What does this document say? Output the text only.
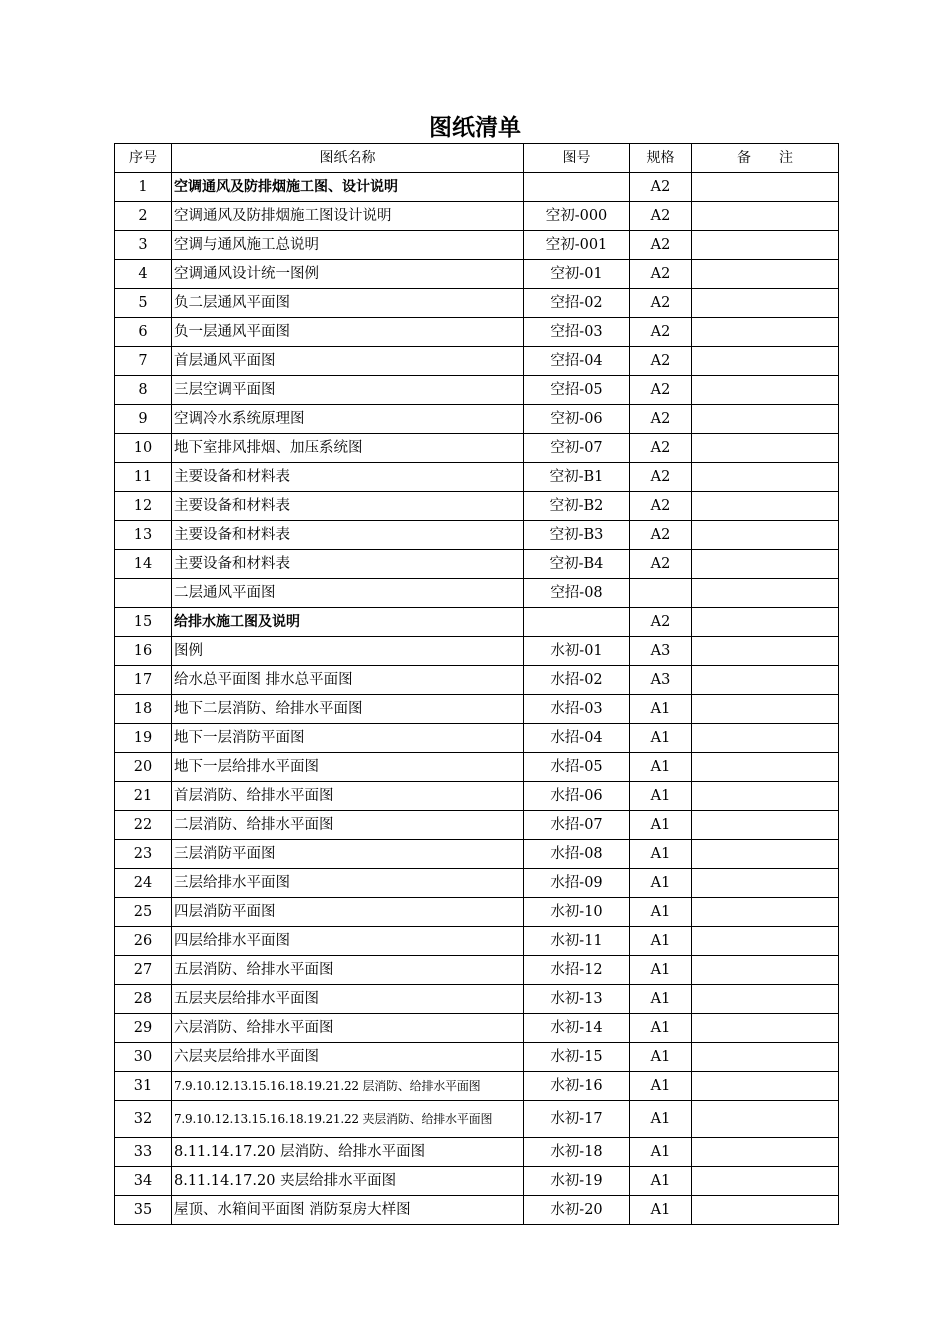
图纸清单
序号	图纸名称	图号	规格	备　　注
1	空调通风及防排烟施工图、设计说明		A2	
2	空调通风及防排烟施工图设计说明	空初-000	A2	
3	空调与通风施工总说明	空初-001	A2	
4	空调通风设计统一图例	空初-01	A2	
5	负二层通风平面图	空招-02	A2	
6	负一层通风平面图	空招-03	A2	
7	首层通风平面图	空招-04	A2	
8	三层空调平面图	空招-05	A2	
9	空调冷水系统原理图	空初-06	A2	
10	地下室排风排烟、加压系统图	空初-07	A2	
11	主要设备和材料表	空初-B1	A2	
12	主要设备和材料表	空初-B2	A2	
13	主要设备和材料表	空初-B3	A2	
14	主要设备和材料表	空初-B4	A2	
	二层通风平面图	空招-08		
15	给排水施工图及说明		A2	
16	图例	水初-01	A3	
17	给水总平面图 排水总平面图	水招-02	A3	
18	地下二层消防、给排水平面图	水招-03	A1	
19	地下一层消防平面图	水招-04	A1	
20	地下一层给排水平面图	水招-05	A1	
21	首层消防、给排水平面图	水招-06	A1	
22	二层消防、给排水平面图	水招-07	A1	
23	三层消防平面图	水招-08	A1	
24	三层给排水平面图	水招-09	A1	
25	四层消防平面图	水初-10	A1	
26	四层给排水平面图	水初-11	A1	
27	五层消防、给排水平面图	水招-12	A1	
28	五层夹层给排水平面图	水初-13	A1	
29	六层消防、给排水平面图	水初-14	A1	
30	六层夹层给排水平面图	水初-15	A1	
31	7.9.10.12.13.15.16.18.19.21.22 层消防、给排水平面图	水初-16	A1	
32	7.9.10.12.13.15.16.18.19.21.22 夹层消防、给排水平面图	水初-17	A1	
33	8.11.14.17.20 层消防、给排水平面图	水初-18	A1	
34	8.11.14.17.20 夹层给排水平面图	水初-19	A1	
35	屋顶、水箱间平面图 消防泵房大样图	水初-20	A1	
